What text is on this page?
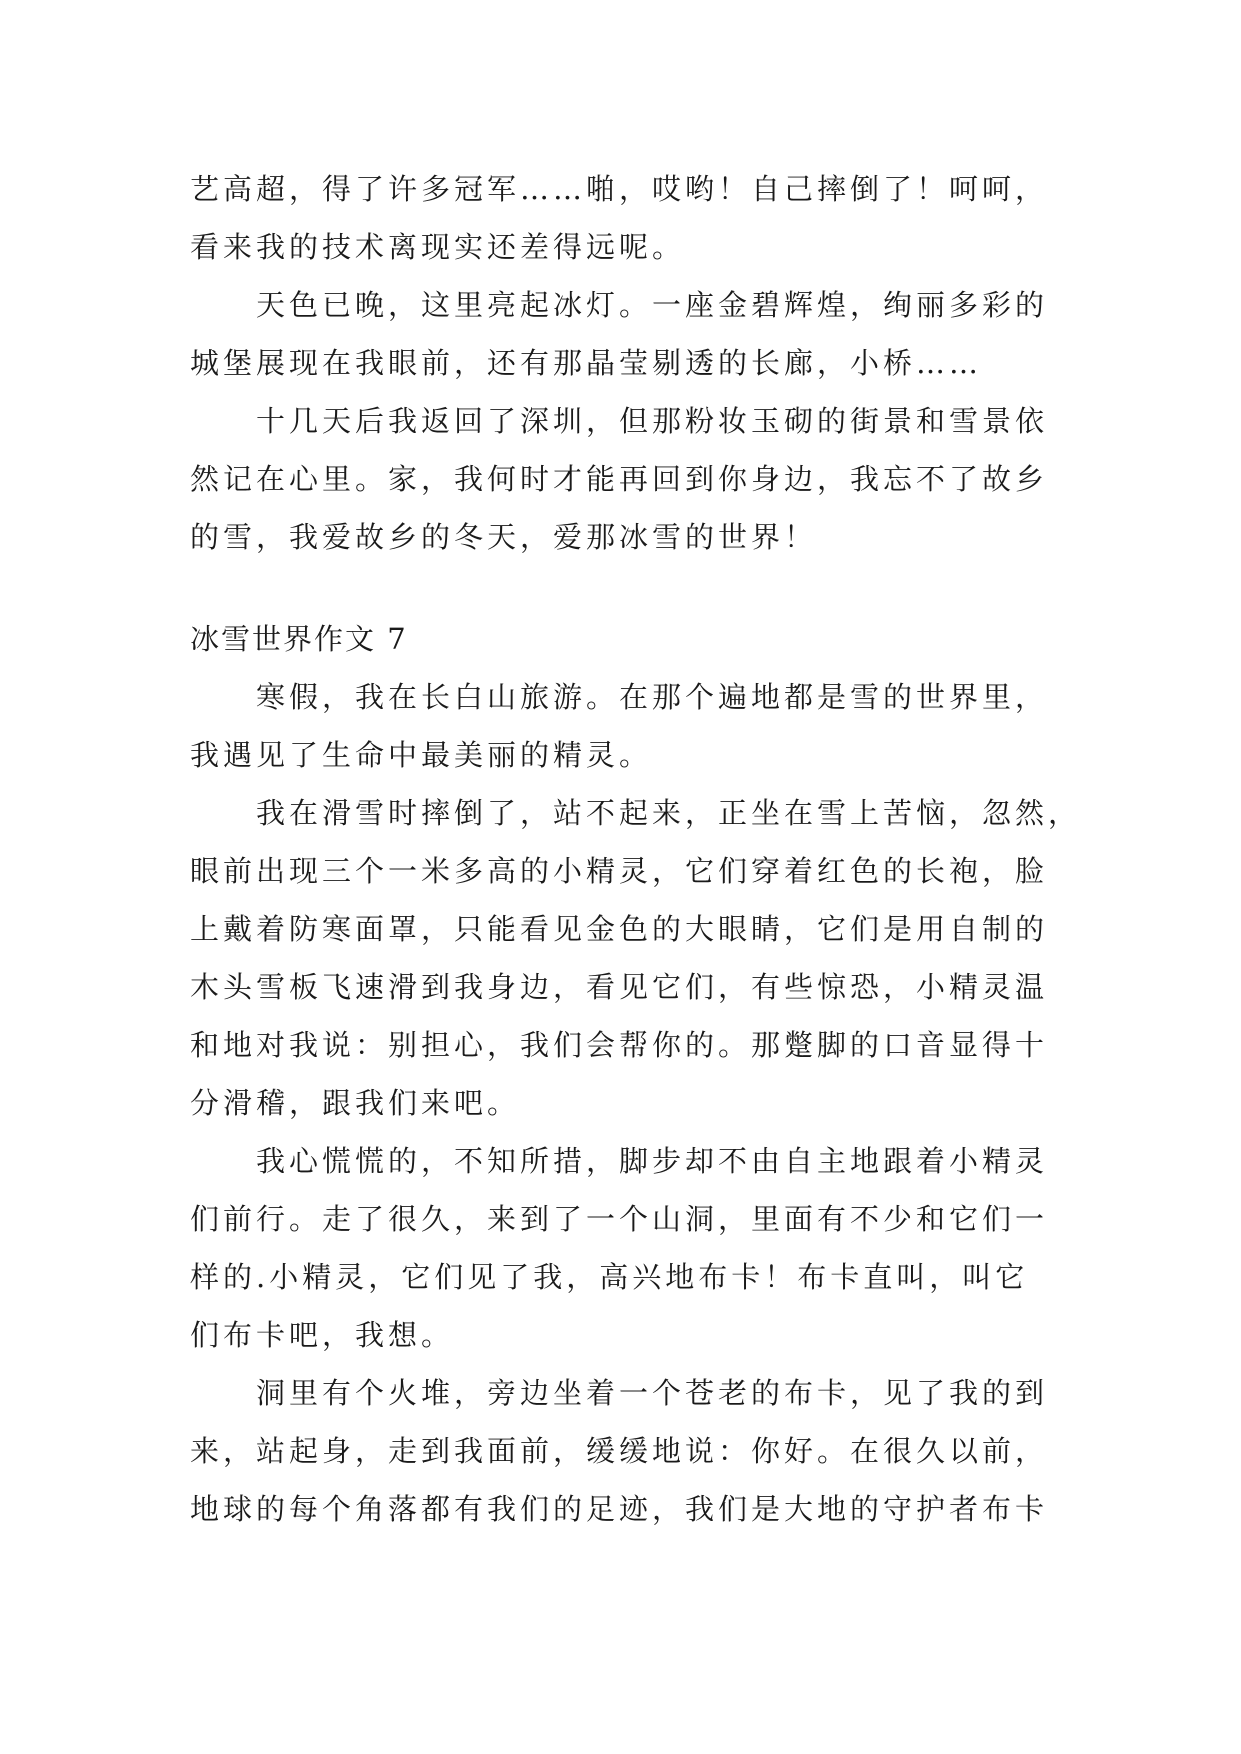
艺高超，得了许多冠军……啪，哎哟！自己摔倒了！呵呵，
看来我的技术离现实还差得远呢。
天色已晚，这里亮起冰灯。一座金碧辉煌，绚丽多彩的
城堡展现在我眼前，还有那晶莹剔透的长廊，小桥……
十几天后我返回了深圳，但那粉妆玉砌的街景和雪景依
然记在心里。家，我何时才能再回到你身边，我忘不了故乡
的雪，我爱故乡的冬天，爱那冰雪的世界！
冰雪世界作文 7
寒假，我在长白山旅游。在那个遍地都是雪的世界里，
我遇见了生命中最美丽的精灵。
我在滑雪时摔倒了，站不起来，正坐在雪上苦恼，忽然，
眼前出现三个一米多高的小精灵，它们穿着红色的长袍，脸
上戴着防寒面罩，只能看见金色的大眼睛，它们是用自制的
木头雪板飞速滑到我身边，看见它们，有些惊恐，小精灵温
和地对我说：别担心，我们会帮你的。那蹩脚的口音显得十
分滑稽，跟我们来吧。
我心慌慌的，不知所措，脚步却不由自主地跟着小精灵
们前行。走了很久，来到了一个山洞，里面有不少和它们一
样的.小精灵，它们见了我，高兴地布卡！布卡直叫，叫它
们布卡吧，我想。
洞里有个火堆，旁边坐着一个苍老的布卡，见了我的到
来，站起身，走到我面前，缓缓地说：你好。在很久以前，
地球的每个角落都有我们的足迹，我们是大地的守护者布卡
